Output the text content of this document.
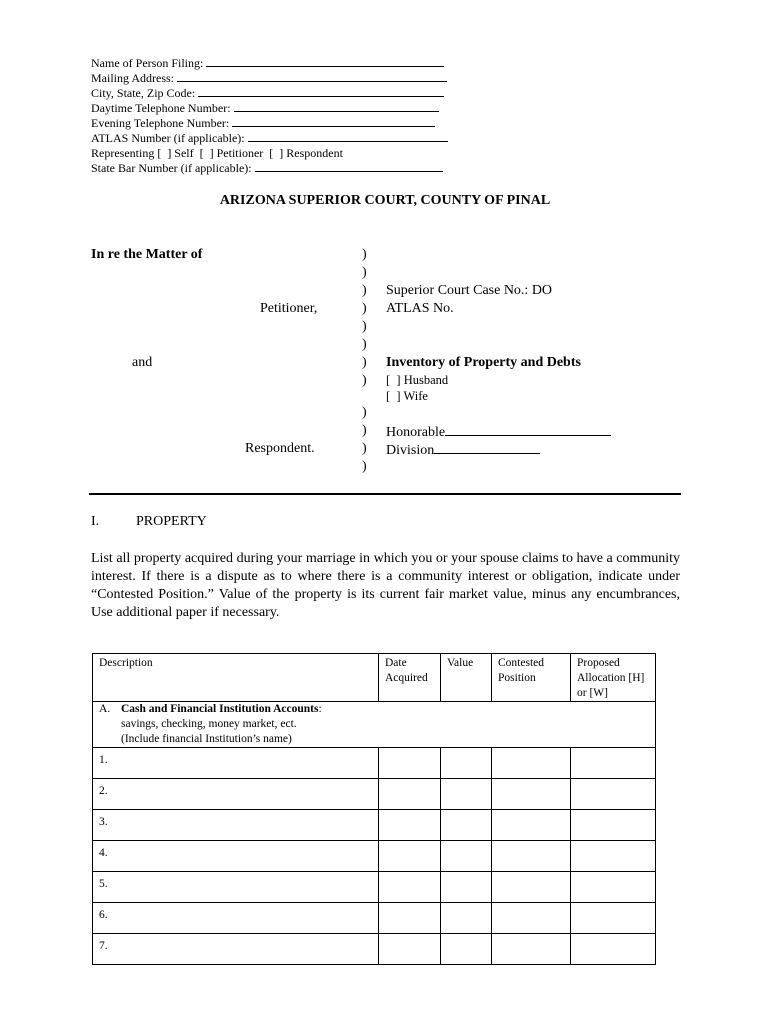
Name of Person Filing:
Mailing Address:
City, State, Zip Code:
Daytime Telephone Number:
Evening Telephone Number:
ATLAS Number (if applicable):
Representing [  ] Self  [  ] Petitioner  [  ] Respondent
State Bar Number (if applicable):
ARIZONA SUPERIOR COURT, COUNTY OF PINAL
In re the Matter of
Petitioner,
and
Respondent.
)
)
)
)
)
)
)
)
)
)
)
)
Superior Court Case No.: DO
ATLAS No.
Inventory of Property and Debts
[  ] Husband
[  ] Wife
Honorable
Division
I.	PROPERTY
List all property acquired during your marriage in which you or your spouse claims to have a community interest. If there is a dispute as to where there is a community interest or obligation, indicate under “Contested Position.” Value of the property is its current fair market value, minus any encumbrances, Use additional paper if necessary.
Description	Date Acquired	Value	Contested Position	Proposed Allocation [H] or [W]

A. Cash and Financial Institution Accounts:
savings, checking, money market, ect.
(Include financial Institution’s name)				

1.				
2.				
3.				
4.				
5.				
6.				
7.				
